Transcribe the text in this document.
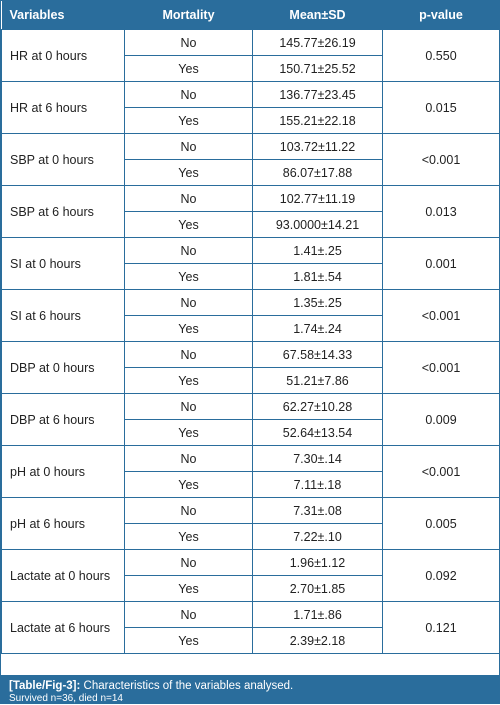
Variables	Mortality	Mean±SD	p-value
HR at 0 hours	No	145.77±26.19	0.550
	Yes	150.71±25.52	
HR at 6 hours	No	136.77±23.45	0.015
	Yes	155.21±22.18	
SBP at 0 hours	No	103.72±11.22	<0.001
	Yes	86.07±17.88	
SBP at 6 hours	No	102.77±11.19	0.013
	Yes	93.0000±14.21	
SI at 0 hours	No	1.41±.25	0.001
	Yes	1.81±.54	
SI at 6 hours	No	1.35±.25	<0.001
	Yes	1.74±.24	
DBP at 0 hours	No	67.58±14.33	<0.001
	Yes	51.21±7.86	
DBP at 6 hours	No	62.27±10.28	0.009
	Yes	52.64±13.54	
pH at 0 hours	No	7.30±.14	<0.001
	Yes	7.11±.18	
pH at 6 hours	No	7.31±.08	0.005
	Yes	7.22±.10	
Lactate at 0 hours	No	1.96±1.12	0.092
	Yes	2.70±1.85	
Lactate at 6 hours	No	1.71±.86	0.121
	Yes	2.39±2.18	
[Table/Fig-3]: Characteristics of the variables analysed.
Survived n=36, died n=14
